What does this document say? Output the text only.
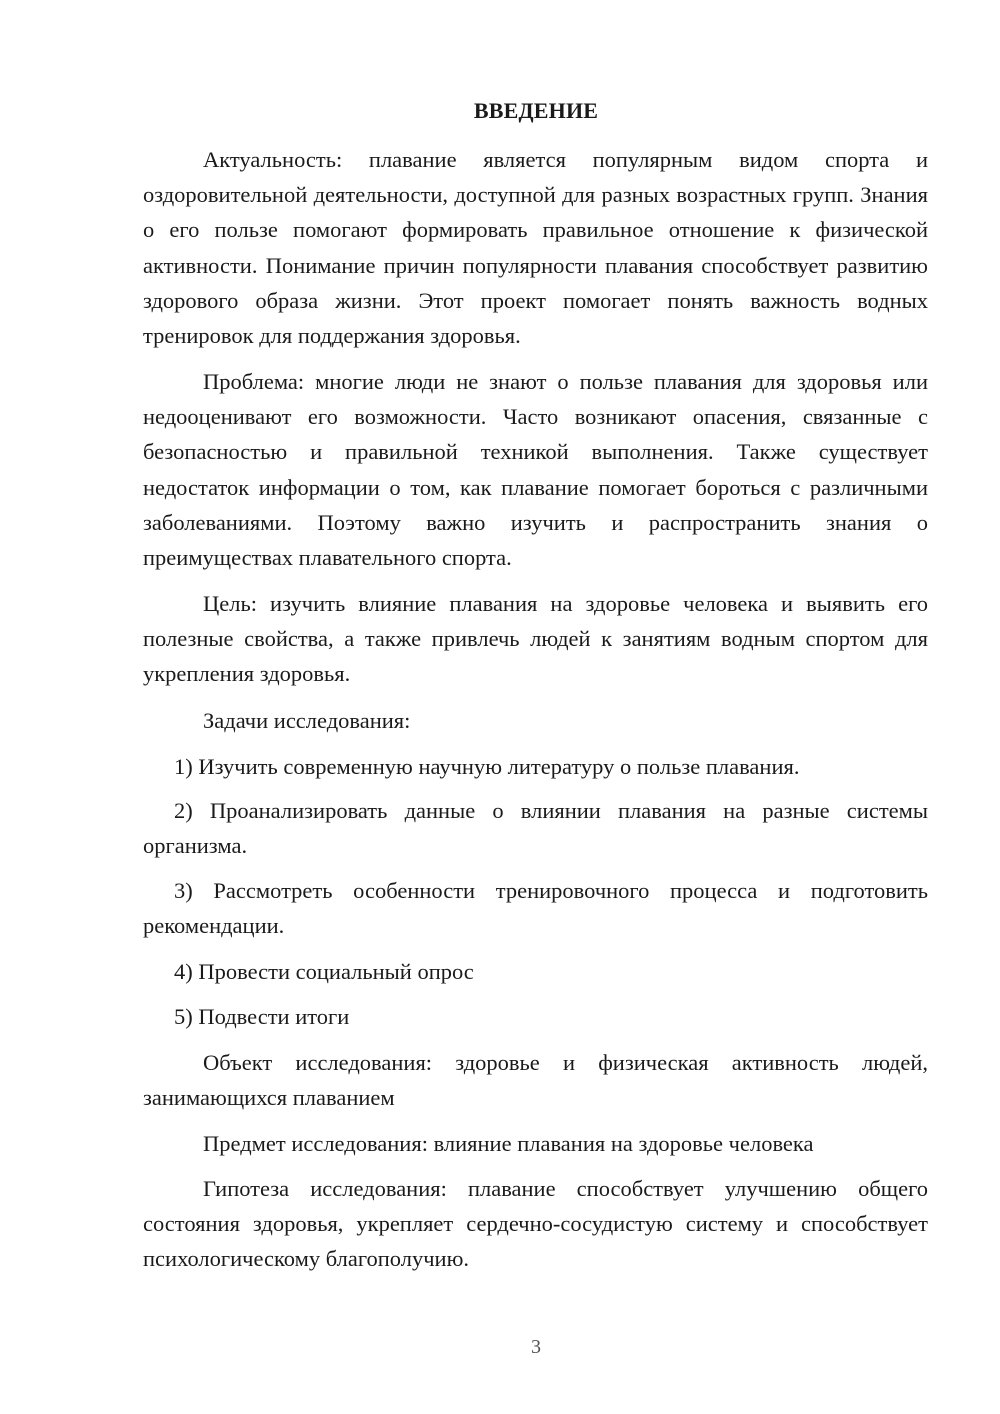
ВВЕДЕНИЕ

Актуальность: плавание является популярным видом спорта и оздоровительной деятельности, доступной для разных возрастных групп. Знания о его пользе помогают формировать правильное отношение к физической активности. Понимание причин популярности плавания способствует развитию здорового образа жизни. Этот проект помогает понять важность водных тренировок для поддержания здоровья.

Проблема: многие люди не знают о пользе плавания для здоровья или недооценивают его возможности. Часто возникают опасения, связанные с безопасностью и правильной техникой выполнения. Также существует недостаток информации о том, как плавание помогает бороться с различными заболеваниями. Поэтому важно изучить и распространить знания о преимуществах плавательного спорта.

Цель: изучить влияние плавания на здоровье человека и выявить его полезные свойства, а также привлечь людей к занятиям водным спортом для укрепления здоровья.

Задачи исследования:

1) Изучить современную научную литературу о пользе плавания.

2) Проанализировать данные о влиянии плавания на разные системы организма.

3) Рассмотреть особенности тренировочного процесса и подготовить рекомендации.

4) Провести социальный опрос

5) Подвести итоги

Объект исследования: здоровье и физическая активность людей, занимающихся плаванием

Предмет исследования: влияние плавания на здоровье человека

Гипотеза исследования: плавание способствует улучшению общего состояния здоровья, укрепляет сердечно-сосудистую систему и способствует психологическому благополучию.

3
